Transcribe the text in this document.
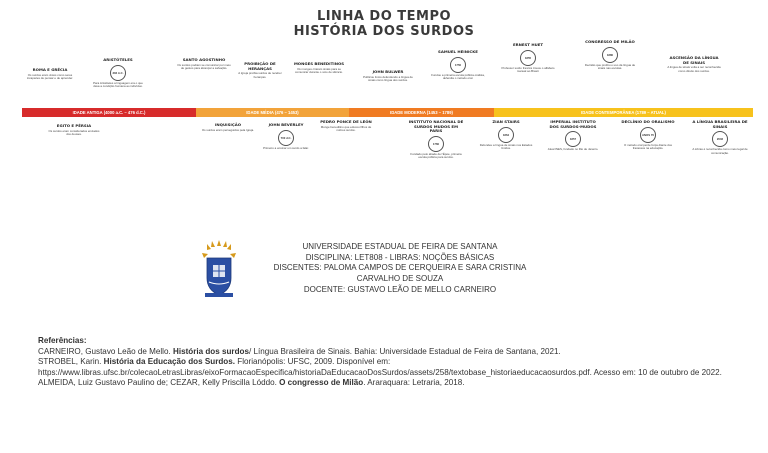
LINHA DO TEMPO
HISTÓRIA DOS SURDOS
IDADE ANTIGA (4000 a.C. – 476 d.C.)	IDADE MÉDIA (476 – 1453)	IDADE MODERNA (1453 – 1789)	IDADE CONTEMPORÂNEA (1789 – ATUAL)
ROMA E GRÉCIA
Os surdos eram vistos como seres incapazes de pensar e de aprender.
ARISTÓTELES
384 A.C.
Para Aristóteles a linguagem era o que dava a condição humana ao indivíduo.
SANTO AGOSTINHO
Os surdos podiam se comunicar por meio de gestos para alcançar a salvação.
PROIBIÇÃO DE HERANÇAS
A Igreja proibia surdos de receber heranças.
MONGES BENEDITINOS
Os monges criaram sinais para se comunicar durante o voto de silêncio.	JOHN BULWER
Publicou livros defendendo a língua de sinais como língua dos surdos.
SAMUEL HEINICKE
1750
Fundou a primeira escola pública oralista, defendia o método oral.
ERNEST HUET
1855
Professor surdo francês trouxe o alfabeto manual ao Brasil.
CONGRESSO DE MILÃO
1880
Decisão que proibiu o uso da língua de sinais nas escolas.
ASCENSÃO DA LÍNGUA DE SINAIS
A língua de sinais volta a ser reconhecida como direito dos surdos.
EGITO E PÉRSIA
Os surdos eram considerados enviados dos deuses.
INQUISIÇÃO
Os surdos eram perseguidos pela Igreja.
JOHN BEVERLEY
700 d.C.
Primeiro a ensinar um surdo a falar.
PEDRO PONCE DE LEÓN
Monge beneditino que educou filhos de nobres surdos.
INSTITUTO NACIONAL DE SURDOS MUDOS EM PARIS
1760
Fundado pelo abade de l'Épée, primeira escola pública para surdos.
ZIAN STAIRS
1864
Defendeu a língua de sinais nos Estados Unidos.
IMPERIAL INSTITUTO DOS SURDOS-MUDOS
1857
Atual INES, fundado no Rio de Janeiro.
DECLÍNIO DO ORALISMO
ANOS 70
O método oral perde força diante dos fracassos na educação.
A LÍNGUA BRASILEIRA DE SINAIS
2002
A Libras é reconhecida como meio legal de comunicação.
UNIVERSIDADE ESTADUAL DE FEIRA DE SANTANA
DISCIPLINA: LET808 - LIBRAS: NOÇÕES BÁSICAS
DISCENTES: PALOMA CAMPOS DE CERQUEIRA E SARA CRISTINA
CARVALHO DE SOUZA
DOCENTE: GUSTAVO LEÃO DE MELLO CARNEIRO

Referências:

CARNEIRO, Gustavo Leão de Mello. História dos surdos/ Língua Brasileira de Sinais. Bahia: Universidade Estadual de Feira de Santana, 2021.

STROBEL, Karin. História da Educação dos Surdos. Florianópolis: UFSC, 2009. Disponível em: https://www.libras.ufsc.br/colecaoLetrasLibras/eixoFormacaoEspecifica/historiaDaEducacaoDosSurdos/assets/258/textobase_historiaeducacaosurdos.pdf. Acesso em: 10 de outubro de 2022.

ALMEIDA, Luiz Gustavo Paulino de; CEZAR, Kelly Priscilla Lóddo. O congresso de Milão. Araraquara: Letraria, 2018.
